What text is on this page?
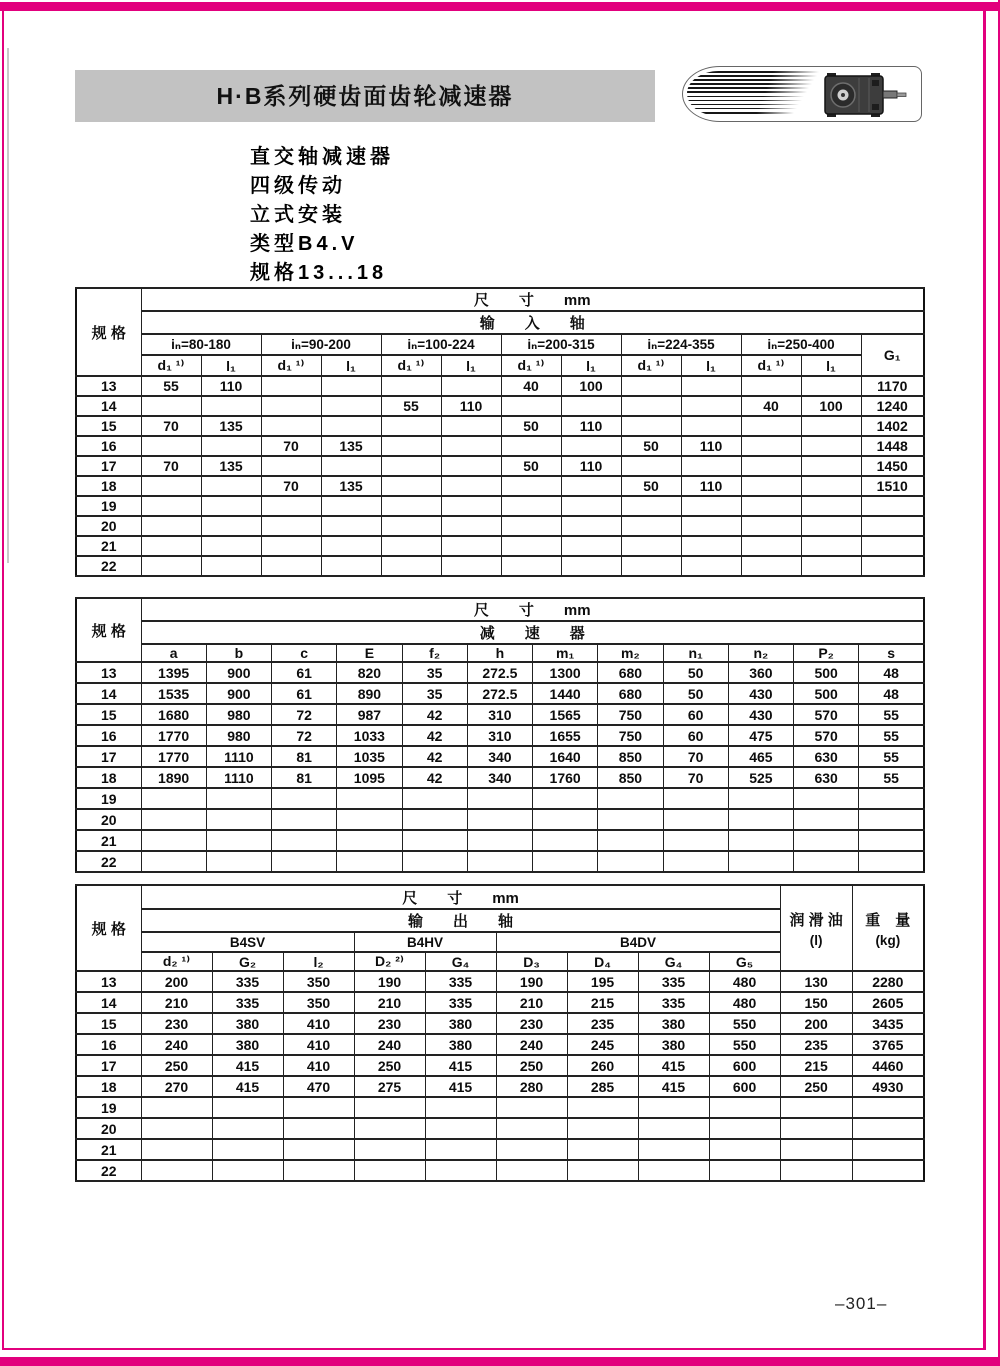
H·B系列硬齿面齿轮减速器
直交轴减速器
四级传动
立式安装
类型B4.V
规格13...18
规 格	尺　　寸　　mm												
	输　　入　　轴												
	iₙ=80-180		iₙ=90-200		iₙ=100-224		iₙ=200-315		iₙ=224-355		iₙ=250-400		G₁
	d₁ ¹⁾	l₁	d₁ ¹⁾	l₁	d₁ ¹⁾	l₁	d₁ ¹⁾	l₁	d₁ ¹⁾	l₁	d₁ ¹⁾	l₁	
13	55	110					40	100					1170
14					55	110					40	100	1240
15	70	135					50	110					1402
16			70	135					50	110			1448
17	70	135					50	110					1450
18			70	135					50	110			1510
19													
20													
21													
22													
规 格	尺　　寸　　mm											
	减　　速　　器											
	a	b	c	E	f₂	h	m₁	m₂	n₁	n₂	P₂	s
13	1395	900	61	820	35	272.5	1300	680	50	360	500	48
14	1535	900	61	890	35	272.5	1440	680	50	430	500	48
15	1680	980	72	987	42	310	1565	750	60	430	570	55
16	1770	980	72	1033	42	310	1655	750	60	475	570	55
17	1770	1110	81	1035	42	340	1640	850	70	465	630	55
18	1890	1110	81	1095	42	340	1760	850	70	525	630	55
19												
20												
21												
22												
规 格	尺　　寸　　mm	
润 滑 油
(l)

重　量
(kg)

	输　　出　　轴										
	B4SV			B4HV		B4DV					
	d₂ ¹⁾	G₂	l₂	D₂ ²⁾	G₄	D₃	D₄	G₄	G₅		
13	200	335	350	190	335	190	195	335	480	130	2280
14	210	335	350	210	335	210	215	335	480	150	2605
15	230	380	410	230	380	230	235	380	550	200	3435
16	240	380	410	240	380	240	245	380	550	235	3765
17	250	415	410	250	415	250	260	415	600	215	4460
18	270	415	470	275	415	280	285	415	600	250	4930
19											
20											
21											
22											
–301–
